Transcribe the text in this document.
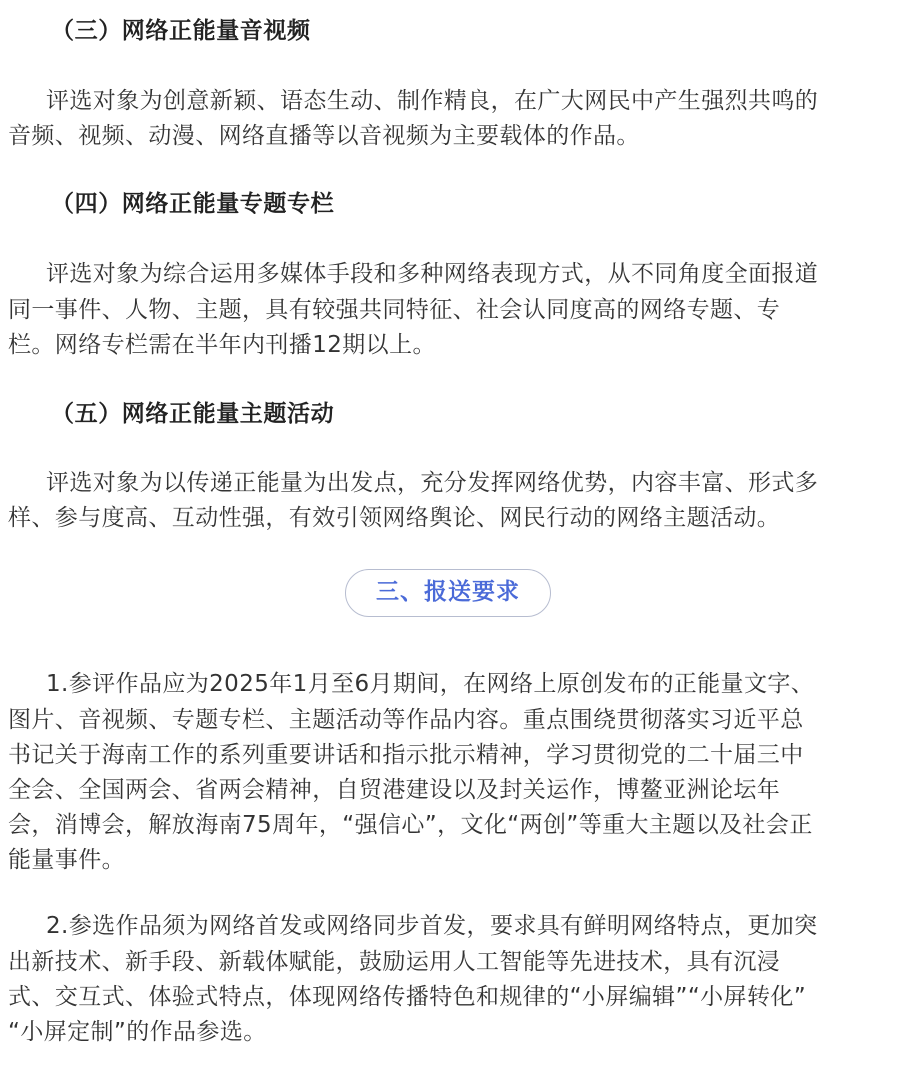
（三）网络正能量音视频
评选对象为创意新颖、语态生动、制作精良，在广大网民中产生强烈共鸣的
音频、视频、动漫、网络直播等以音视频为主要载体的作品。
（四）网络正能量专题专栏
评选对象为综合运用多媒体手段和多种网络表现方式，从不同角度全面报道
同一事件、人物、主题，具有较强共同特征、社会认同度高的网络专题、专
栏。网络专栏需在半年内刊播12期以上。
（五）网络正能量主题活动
评选对象为以传递正能量为出发点，充分发挥网络优势，内容丰富、形式多
样、参与度高、互动性强，有效引领网络舆论、网民行动的网络主题活动。
三、报送要求
1.参评作品应为2025年1月至6月期间，在网络上原创发布的正能量文字、
图片、音视频、专题专栏、主题活动等作品内容。重点围绕贯彻落实习近平总
书记关于海南工作的系列重要讲话和指示批示精神，学习贯彻党的二十届三中
全会、全国两会、省两会精神，自贸港建设以及封关运作，博鳌亚洲论坛年
会，消博会，解放海南75周年，“强信心”，文化“两创”等重大主题以及社会正
能量事件。
2.参选作品须为网络首发或网络同步首发，要求具有鲜明网络特点，更加突
出新技术、新手段、新载体赋能，鼓励运用人工智能等先进技术，具有沉浸
式、交互式、体验式特点，体现网络传播特色和规律的“小屏编辑”“小屏转化”
“小屏定制”的作品参选。
